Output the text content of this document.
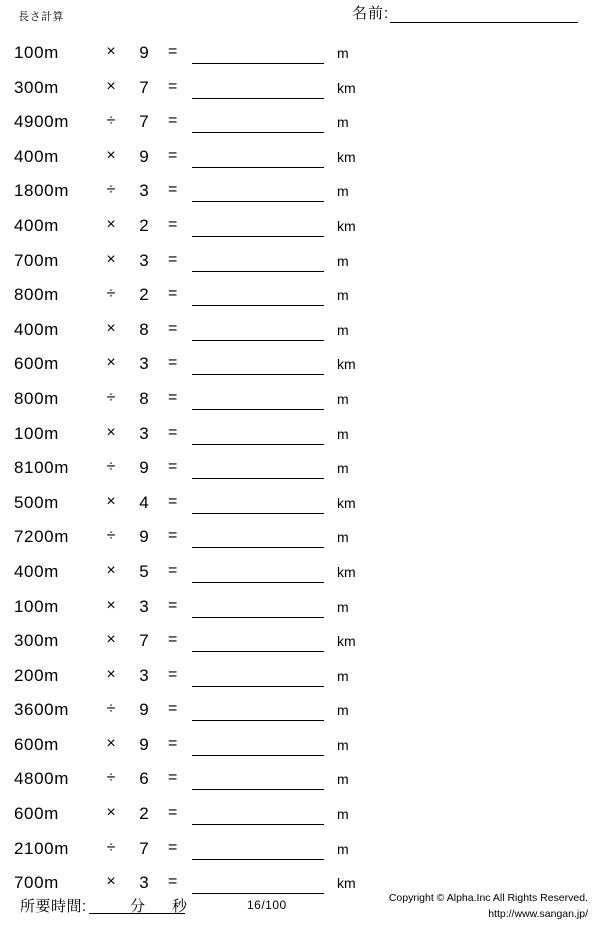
長さ計算	名前:
100m	×	9	=	m
300m	×	7	=	km
4900m	÷	7	=	m
400m	×	9	=	km
1800m	÷	3	=	m
400m	×	2	=	km
700m	×	3	=	m
800m	÷	2	=	m
400m	×	8	=	m
600m	×	3	=	km
800m	÷	8	=	m
100m	×	3	=	m
8100m	÷	9	=	m
500m	×	4	=	km
7200m	÷	9	=	m
400m	×	5	=	km
100m	×	3	=	m
300m	×	7	=	km
200m	×	3	=	m
3600m	÷	9	=	m
600m	×	9	=	m
4800m	÷	6	=	m
600m	×	2	=	m
2100m	÷	7	=	m
700m	×	3	=	km
所要時間:	分 秒	16/100	Copyright © Alpha.Inc All Rights Reserved.
http://www.sangan.jp/
